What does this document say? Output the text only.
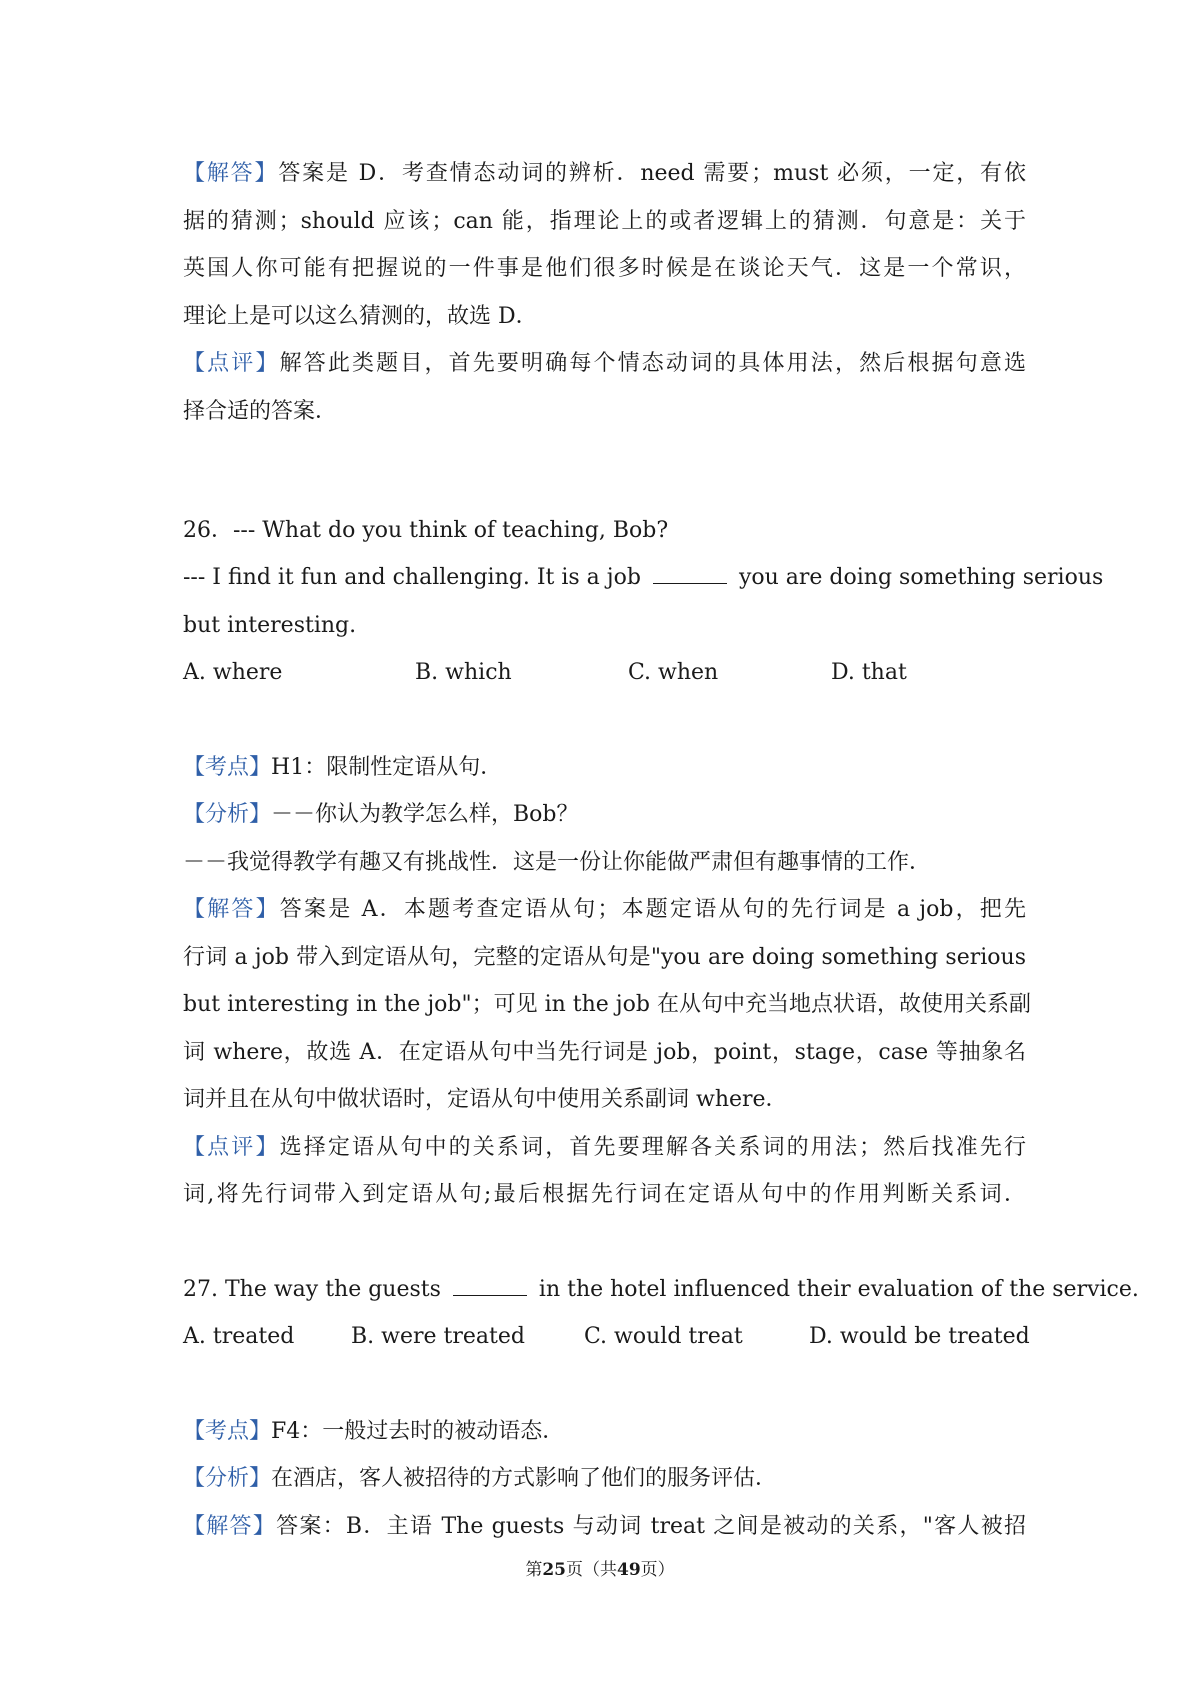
【解答】答案是 D．考查情态动词的辨析．need 需要；must 必须，一定，有依
据的猜测；should 应该；can 能，指理论上的或者逻辑上的猜测．句意是：关于
英国人你可能有把握说的一件事是他们很多时候是在谈论天气．这是一个常识，
理论上是可以这么猜测的，故选 D．
【点评】解答此类题目，首先要明确每个情态动词的具体用法，然后根据句意选
择合适的答案．
26．--- What do you think of teaching, Bob?
--- I find it fun and challenging. It is a job	you are doing something serious
but interesting.
A. where	B. which	C. when	D. that
【考点】H1：限制性定语从句．
【分析】－－你认为教学怎么样，Bob？
－－我觉得教学有趣又有挑战性．这是一份让你能做严肃但有趣事情的工作．
【解答】答案是 A．本题考查定语从句；本题定语从句的先行词是 a job，把先
行词 a job 带入到定语从句，完整的定语从句是"you are doing something serious
but interesting in the job"；可见 in the job 在从句中充当地点状语，故使用关系副
词 where，故选 A．在定语从句中当先行词是 job，point，stage，case 等抽象名
词并且在从句中做状语时，定语从句中使用关系副词 where．
【点评】选择定语从句中的关系词，首先要理解各关系词的用法；然后找准先行
词,将先行词带入到定语从句;最后根据先行词在定语从句中的作用判断关系词．
27. The way the guests	in the hotel influenced their evaluation of the service.
A. treated	B. were treated	C. would treat	D. would be treated
【考点】F4：一般过去时的被动语态．
【分析】在酒店，客人被招待的方式影响了他们的服务评估．
【解答】答案：B．主语 The guests 与动词 treat 之间是被动的关系，"客人被招
第25页（共49页）
